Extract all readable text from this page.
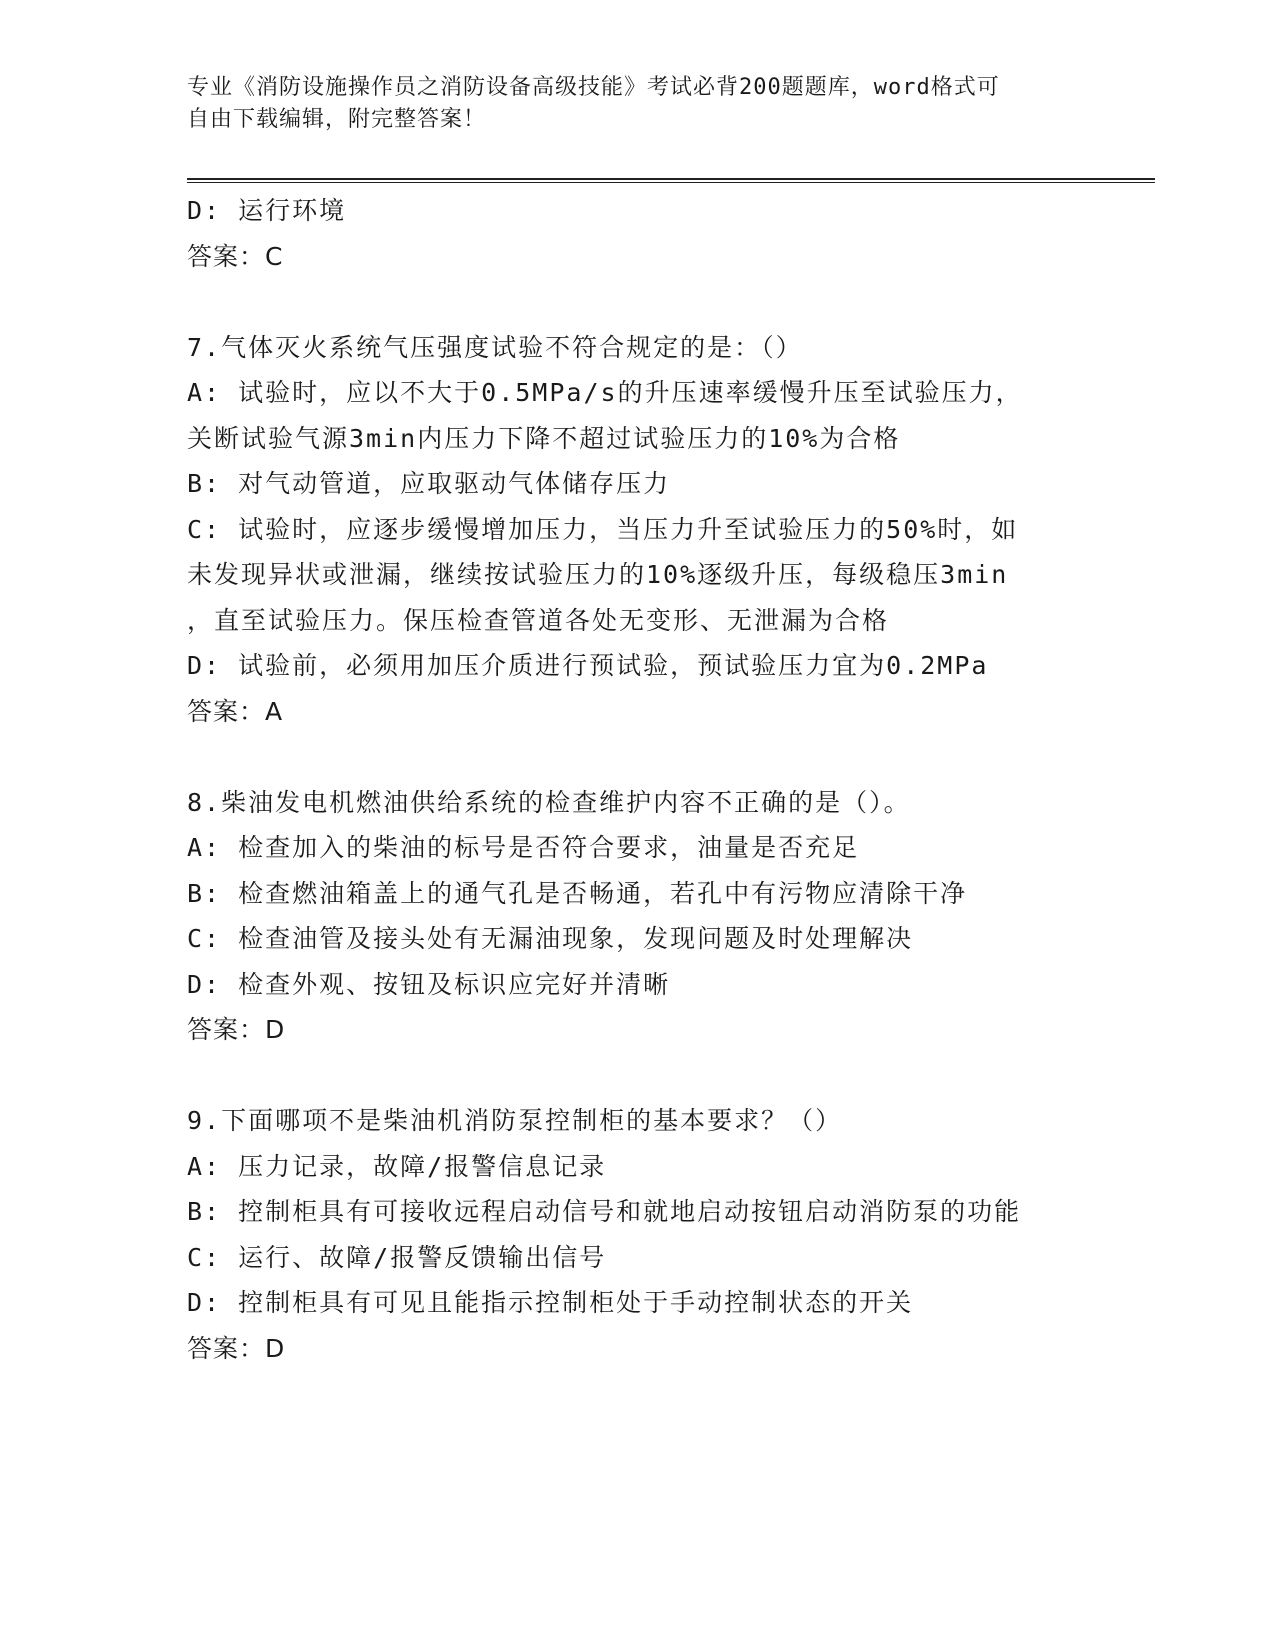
专业《消防设施操作员之消防设备高级技能》考试必背200题题库，word格式可
自由下载编辑，附完整答案！
D: 运行环境
答案：C
7.气体灭火系统气压强度试验不符合规定的是：（）
A: 试验时，应以不大于0.5MPa/s的升压速率缓慢升压至试验压力，
关断试验气源3min内压力下降不超过试验压力的10%为合格
B: 对气动管道，应取驱动气体储存压力
C: 试验时，应逐步缓慢增加压力，当压力升至试验压力的50%时，如
未发现异状或泄漏，继续按试验压力的10%逐级升压，每级稳压3min
，直至试验压力。保压检查管道各处无变形、无泄漏为合格
D: 试验前，必须用加压介质进行预试验，预试验压力宜为0.2MPa
答案：A
8.柴油发电机燃油供给系统的检查维护内容不正确的是（）。
A: 检查加入的柴油的标号是否符合要求，油量是否充足
B: 检查燃油箱盖上的通气孔是否畅通，若孔中有污物应清除干净
C: 检查油管及接头处有无漏油现象，发现问题及时处理解决
D: 检查外观、按钮及标识应完好并清晰
答案：D
9.下面哪项不是柴油机消防泵控制柜的基本要求？（）
A: 压力记录，故障/报警信息记录
B: 控制柜具有可接收远程启动信号和就地启动按钮启动消防泵的功能
C: 运行、故障/报警反馈输出信号
D: 控制柜具有可见且能指示控制柜处于手动控制状态的开关
答案：D
